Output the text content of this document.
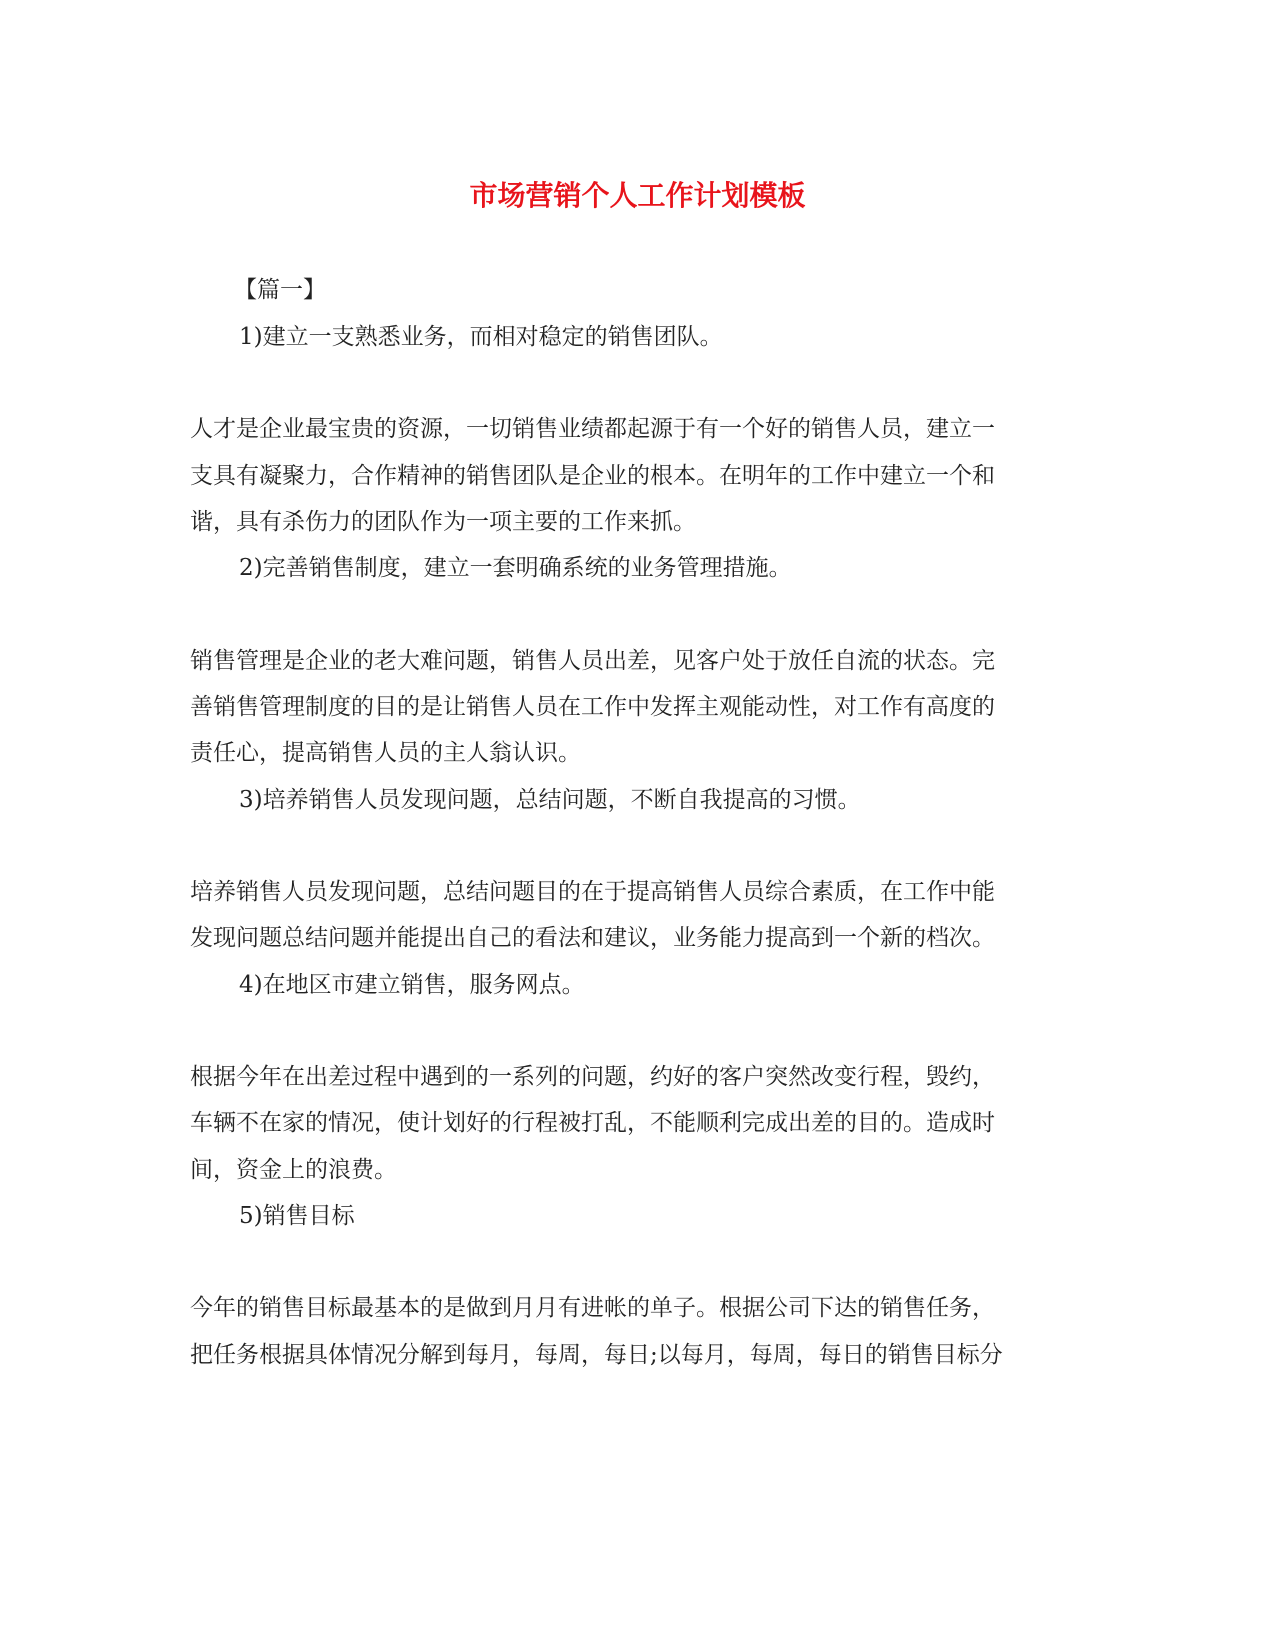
市场营销个人工作计划模板
【篇一】
1)建立一支熟悉业务，而相对稳定的销售团队。
人才是企业最宝贵的资源，一切销售业绩都起源于有一个好的销售人员，建立一
支具有凝聚力，合作精神的销售团队是企业的根本。在明年的工作中建立一个和
谐，具有杀伤力的团队作为一项主要的工作来抓。
2)完善销售制度，建立一套明确系统的业务管理措施。
销售管理是企业的老大难问题，销售人员出差，见客户处于放任自流的状态。完
善销售管理制度的目的是让销售人员在工作中发挥主观能动性，对工作有高度的
责任心，提高销售人员的主人翁认识。
3)培养销售人员发现问题，总结问题，不断自我提高的习惯。
培养销售人员发现问题，总结问题目的在于提高销售人员综合素质，在工作中能
发现问题总结问题并能提出自己的看法和建议，业务能力提高到一个新的档次。
4)在地区市建立销售，服务网点。
根据今年在出差过程中遇到的一系列的问题，约好的客户突然改变行程，毁约，
车辆不在家的情况，使计划好的行程被打乱，不能顺利完成出差的目的。造成时
间，资金上的浪费。
5)销售目标
今年的销售目标最基本的是做到月月有进帐的单子。根据公司下达的销售任务，
把任务根据具体情况分解到每月，每周，每日;以每月，每周，每日的销售目标分
